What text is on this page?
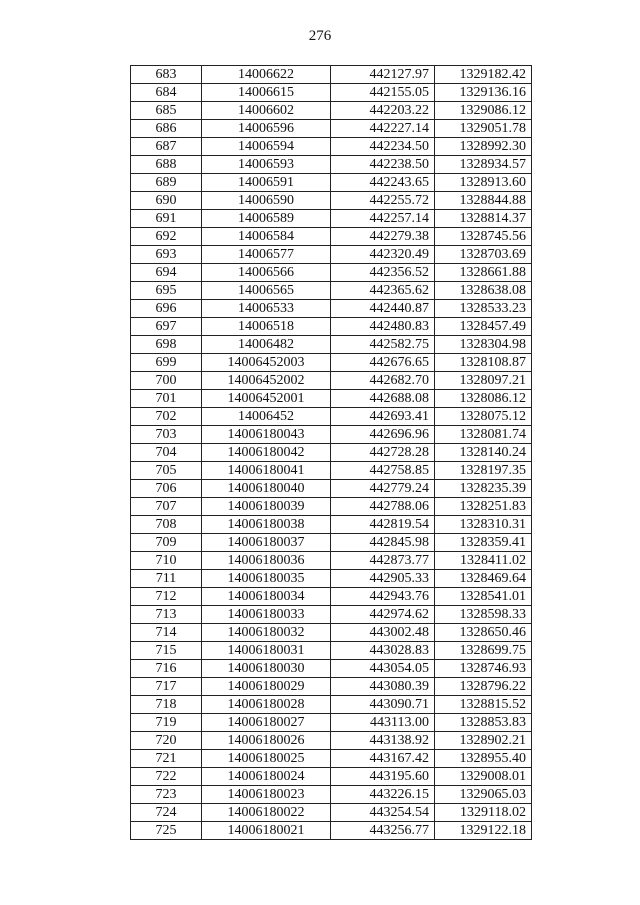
276
683	14006622	442127.97	1329182.42
684	14006615	442155.05	1329136.16
685	14006602	442203.22	1329086.12
686	14006596	442227.14	1329051.78
687	14006594	442234.50	1328992.30
688	14006593	442238.50	1328934.57
689	14006591	442243.65	1328913.60
690	14006590	442255.72	1328844.88
691	14006589	442257.14	1328814.37
692	14006584	442279.38	1328745.56
693	14006577	442320.49	1328703.69
694	14006566	442356.52	1328661.88
695	14006565	442365.62	1328638.08
696	14006533	442440.87	1328533.23
697	14006518	442480.83	1328457.49
698	14006482	442582.75	1328304.98
699	14006452003	442676.65	1328108.87
700	14006452002	442682.70	1328097.21
701	14006452001	442688.08	1328086.12
702	14006452	442693.41	1328075.12
703	14006180043	442696.96	1328081.74
704	14006180042	442728.28	1328140.24
705	14006180041	442758.85	1328197.35
706	14006180040	442779.24	1328235.39
707	14006180039	442788.06	1328251.83
708	14006180038	442819.54	1328310.31
709	14006180037	442845.98	1328359.41
710	14006180036	442873.77	1328411.02
711	14006180035	442905.33	1328469.64
712	14006180034	442943.76	1328541.01
713	14006180033	442974.62	1328598.33
714	14006180032	443002.48	1328650.46
715	14006180031	443028.83	1328699.75
716	14006180030	443054.05	1328746.93
717	14006180029	443080.39	1328796.22
718	14006180028	443090.71	1328815.52
719	14006180027	443113.00	1328853.83
720	14006180026	443138.92	1328902.21
721	14006180025	443167.42	1328955.40
722	14006180024	443195.60	1329008.01
723	14006180023	443226.15	1329065.03
724	14006180022	443254.54	1329118.02
725	14006180021	443256.77	1329122.18
